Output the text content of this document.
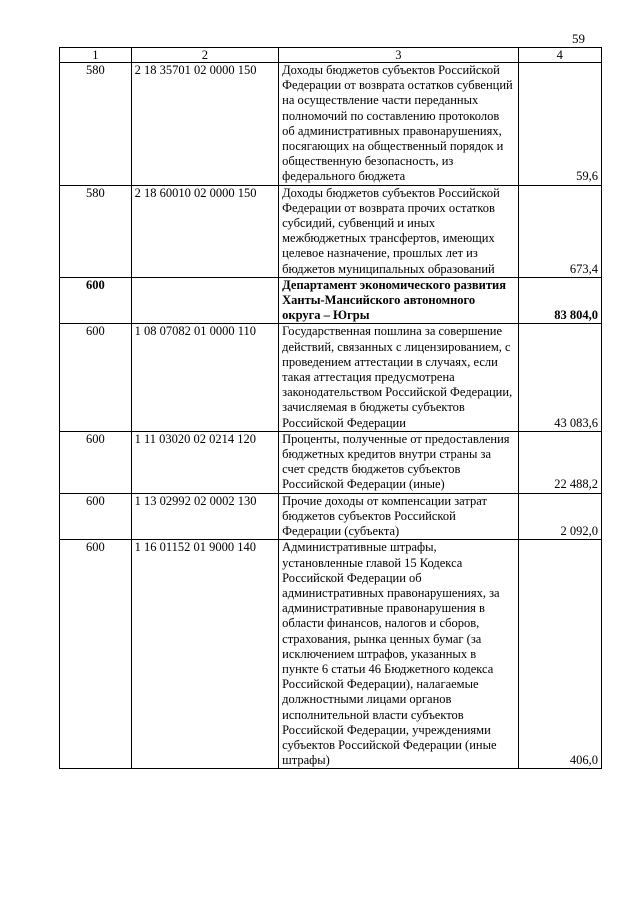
59
1	2	3	4
580	2 18 35701 02 0000 150	Доходы бюджетов субъектов Российской Федерации от возврата остатков субвенций на осуществление части переданных полномочий по составлению протоколов об административных правонарушениях, посягающих на общественный порядок и общественную безопасность, из федерального бюджета	59,6
580	2 18 60010 02 0000 150	Доходы бюджетов субъектов Российской Федерации от возврата прочих остатков субсидий, субвенций и иных межбюджетных трансфертов, имеющих целевое назначение, прошлых лет из бюджетов муниципальных образований	673,4
600		Департамент экономического развития Ханты-Мансийского автономного округа – Югры	83 804,0
600	1 08 07082 01 0000 110	Государственная пошлина за совершение действий, связанных с лицензированием, с проведением аттестации в случаях, если такая аттестация предусмотрена законодательством Российской Федерации, зачисляемая в бюджеты субъектов Российской Федерации	43 083,6
600	1 11 03020 02 0214 120	Проценты, полученные от предоставления бюджетных кредитов внутри страны за счет средств бюджетов субъектов Российской Федерации (иные)	22 488,2
600	1 13 02992 02 0002 130	Прочие доходы от компенсации затрат бюджетов субъектов Российской Федерации (субъекта)	2 092,0
600	1 16 01152 01 9000 140	Административные штрафы, установленные главой 15 Кодекса Российской Федерации об административных правонарушениях, за административные правонарушения в области финансов, налогов и сборов, страхования, рынка ценных бумаг (за исключением штрафов, указанных в пункте 6 статьи 46 Бюджетного кодекса Российской Федерации), налагаемые должностными лицами органов исполнительной власти субъектов Российской Федерации, учреждениями субъектов Российской Федерации (иные штрафы)	406,0
